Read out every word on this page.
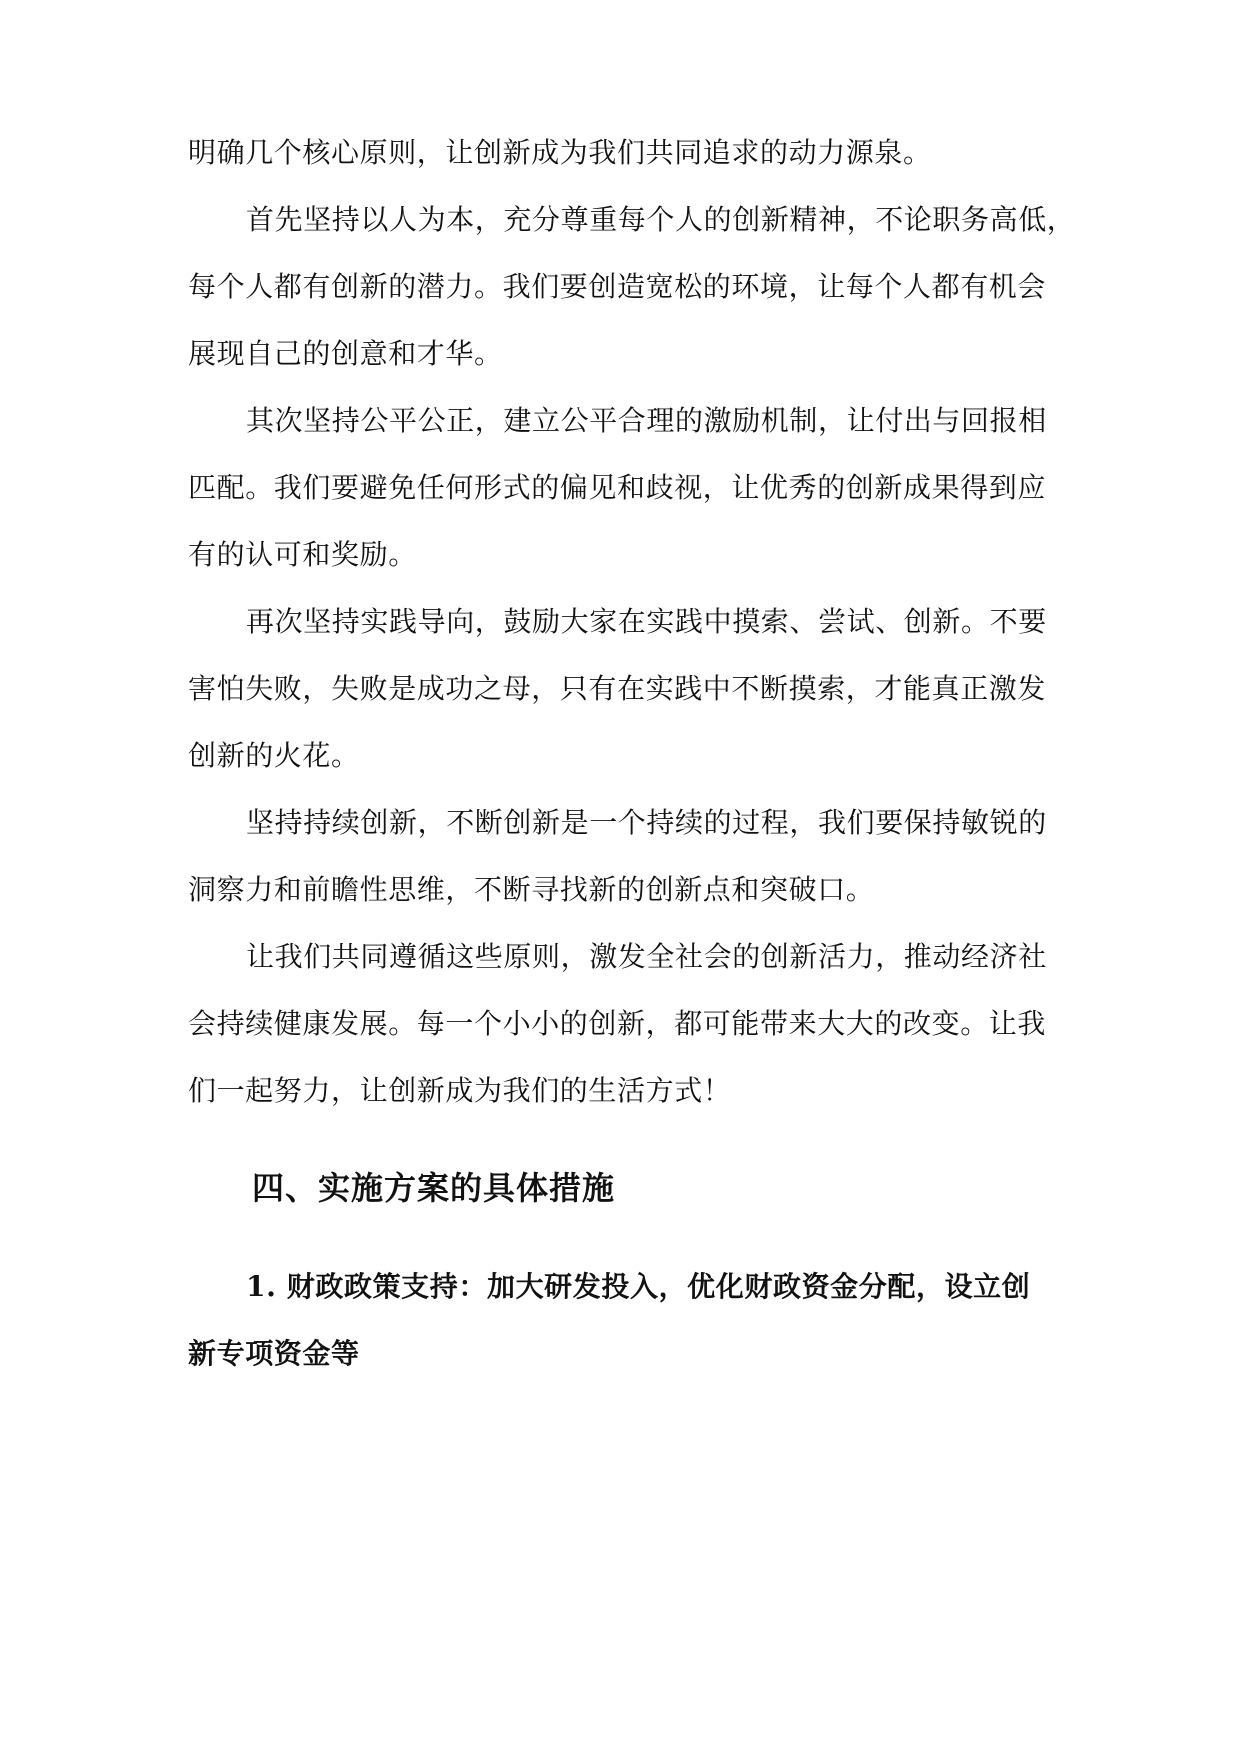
明确几个核心原则，让创新成为我们共同追求的动力源泉。
首先坚持以人为本，充分尊重每个人的创新精神，不论职务高低，
每个人都有创新的潜力。我们要创造宽松的环境，让每个人都有机会
展现自己的创意和才华。
其次坚持公平公正，建立公平合理的激励机制，让付出与回报相
匹配。我们要避免任何形式的偏见和歧视，让优秀的创新成果得到应
有的认可和奖励。
再次坚持实践导向，鼓励大家在实践中摸索、尝试、创新。不要
害怕失败，失败是成功之母，只有在实践中不断摸索，才能真正激发
创新的火花。
坚持持续创新，不断创新是一个持续的过程，我们要保持敏锐的
洞察力和前瞻性思维，不断寻找新的创新点和突破口。
让我们共同遵循这些原则，激发全社会的创新活力，推动经济社
会持续健康发展。每一个小小的创新，都可能带来大大的改变。让我
们一起努力，让创新成为我们的生活方式！
四、实施方案的具体措施
1. 财政政策支持：加大研发投入，优化财政资金分配，设立创
新专项资金等
